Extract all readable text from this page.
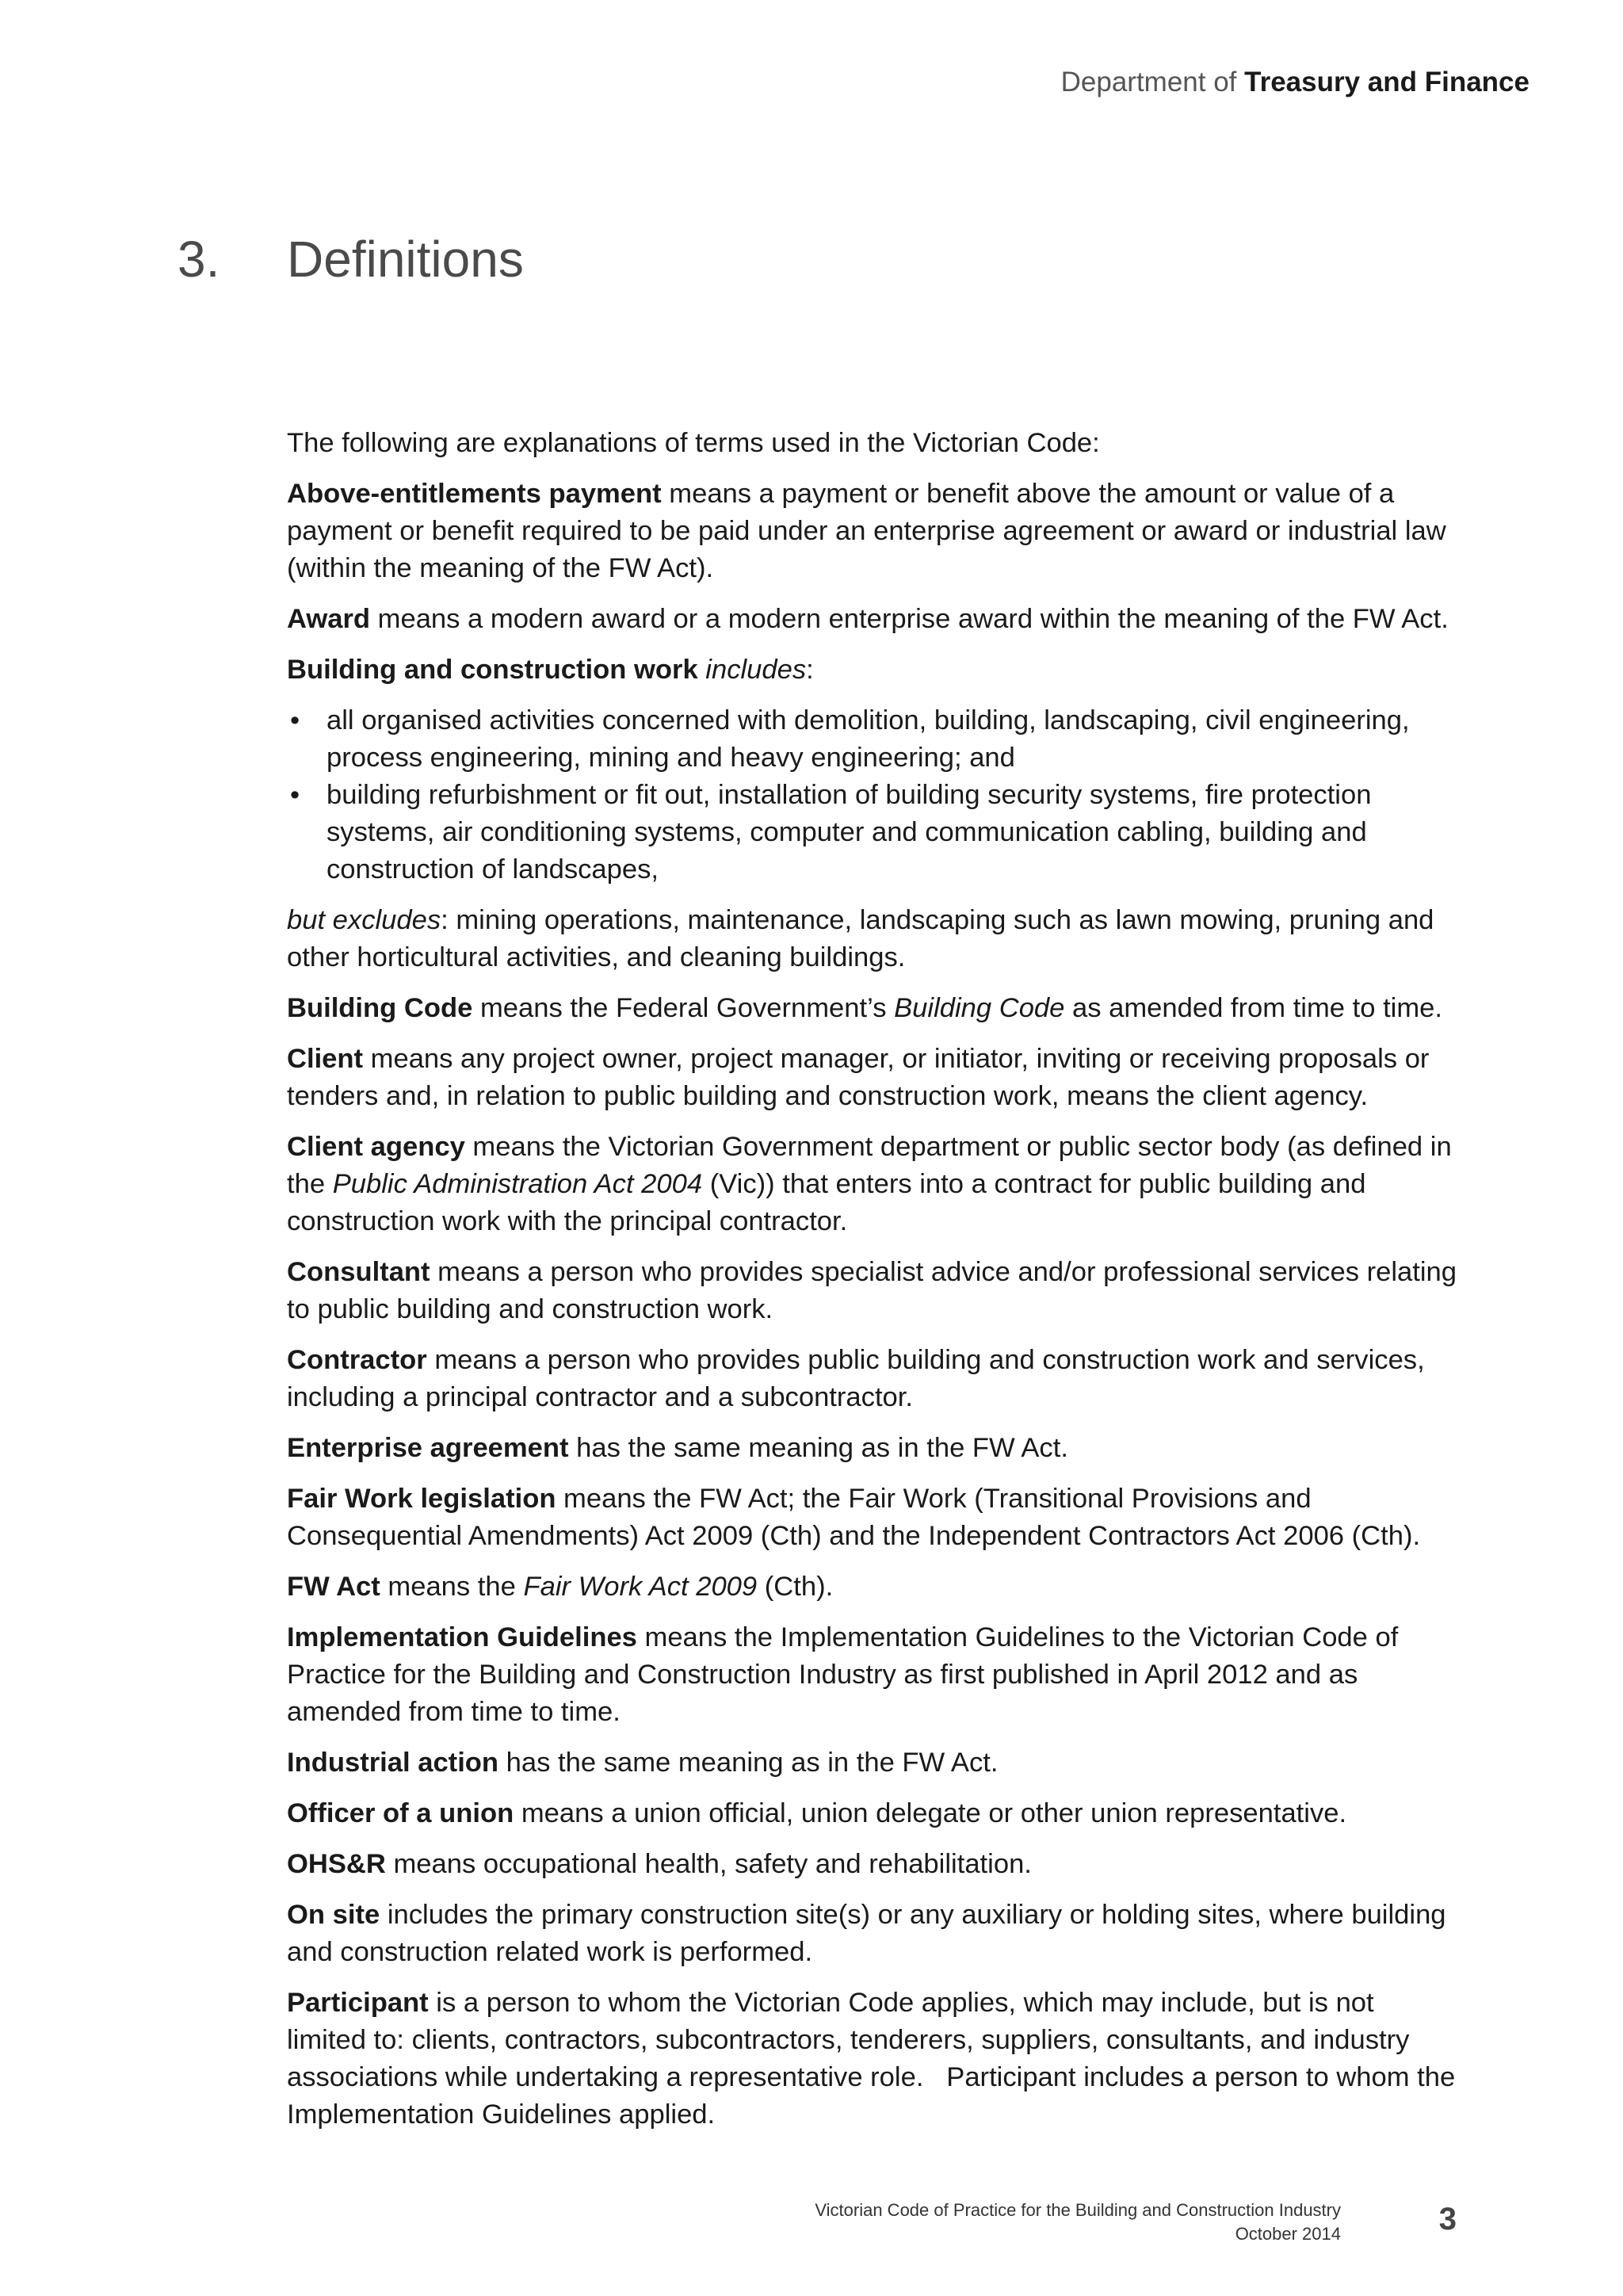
Department of Treasury and Finance
3.	Definitions

The following are explanations of terms used in the Victorian Code:

Above-entitlements payment means a payment or benefit above the amount or value of a payment or benefit required to be paid under an enterprise agreement or award or industrial law (within the meaning of the FW Act).

Award means a modern award or a modern enterprise award within the meaning of the FW Act.

Building and construction work includes:

• all organised activities concerned with demolition, building, landscaping, civil engineering, process engineering, mining and heavy engineering; and
• building refurbishment or fit out, installation of building security systems, fire protection systems, air conditioning systems, computer and communication cabling, building and construction of landscapes,

but excludes: mining operations, maintenance, landscaping such as lawn mowing, pruning and other horticultural activities, and cleaning buildings.

Building Code means the Federal Government’s Building Code as amended from time to time.

Client means any project owner, project manager, or initiator, inviting or receiving proposals or tenders and, in relation to public building and construction work, means the client agency.

Client agency means the Victorian Government department or public sector body (as defined in the Public Administration Act 2004 (Vic)) that enters into a contract for public building and construction work with the principal contractor.

Consultant means a person who provides specialist advice and/or professional services relating to public building and construction work.

Contractor means a person who provides public building and construction work and services, including a principal contractor and a subcontractor.

Enterprise agreement has the same meaning as in the FW Act.

Fair Work legislation means the FW Act; the Fair Work (Transitional Provisions and Consequential Amendments) Act 2009 (Cth) and the Independent Contractors Act 2006 (Cth).

FW Act means the Fair Work Act 2009 (Cth).

Implementation Guidelines means the Implementation Guidelines to the Victorian Code of Practice for the Building and Construction Industry as first published in April 2012 and as amended from time to time.

Industrial action has the same meaning as in the FW Act.

Officer of a union means a union official, union delegate or other union representative.

OHS&R means occupational health, safety and rehabilitation.

On site includes the primary construction site(s) or any auxiliary or holding sites, where building and construction related work is performed.

Participant is a person to whom the Victorian Code applies, which may include, but is not limited to: clients, contractors, subcontractors, tenderers, suppliers, consultants, and industry associations while undertaking a representative role.   Participant includes a person to whom the Implementation Guidelines applied.

Victorian Code of Practice for the Building and Construction Industry
October 2014	3
